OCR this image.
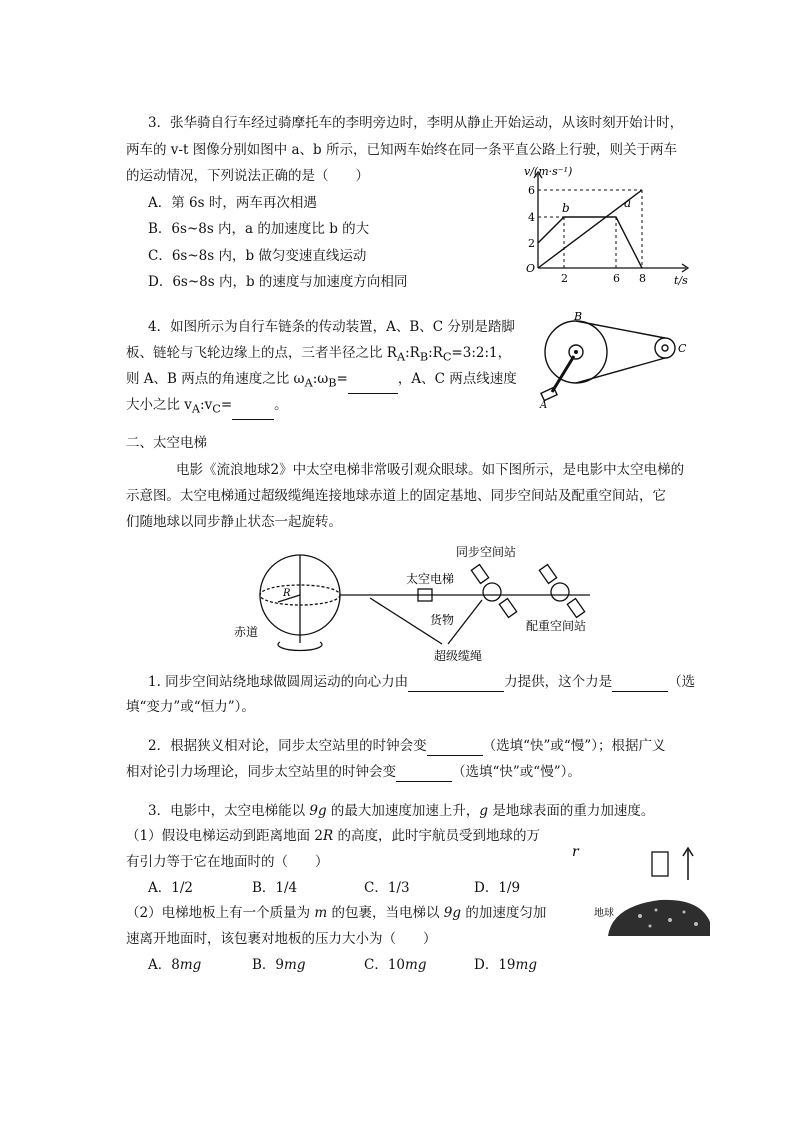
3．张华骑自行车经过骑摩托车的李明旁边时，李明从静止开始运动，从该时刻开始计时，
两车的 v-t 图像分别如图中 a、b 所示，已知两车始终在同一条平直公路上行驶，则关于两车
的运动情况，下列说法正确的是（　　）
A．第 6s 时，两车再次相遇
B．6s~8s 内，a 的加速度比 b 的大
C．6s~8s 内，b 做匀变速直线运动
D．6s~8s 内，b 的速度与加速度方向相同
v/(m·s⁻¹)
t/s
O
2
4
6
2	6 8
a
b
4．如图所示为自行车链条的传动装置，A、B、C 分别是踏脚
板、链轮与飞轮边缘上的点，三者半径之比 $R_A:R_B:R_C=3:2:1$，
则 A、B 两点的角速度之比 $\omega_A:\omega_B=$	，A、C 两点线速度
大小之比 $v_A:v_C=$	。
B
C
A
二、太空电梯
电影《流浪地球2》中太空电梯非常吸引观众眼球。如下图所示，是电影中太空电梯的
示意图。太空电梯通过超级缆绳连接地球赤道上的固定基地、同步空间站及配重空间站，它
们随地球以同步静止状态一起旋转。
同步空间站
太空电梯
R
赤道
货物	配重空间站
超级缆绳
1. 同步空间站绕地球做圆周运动的向心力由	力提供，这个力是	（选
填“变力”或“恒力”）。
2．根据狭义相对论，同步太空站里的时钟会变	（选填“快”或“慢”）；根据广义
相对论引力场理论，同步太空站里的时钟会变	（选填“快”或“慢”）。
3．电影中，太空电梯能以 9g 的最大加速度加速上升，g 是地球表面的重力加速度。
（1）假设电梯运动到距离地面 2R 的高度，此时宇航员受到地球的万
有引力等于它在地面时的（　　）
A．1/2	B．1/4	C．1/3	D．1/9
（2）电梯地板上有一个质量为 m 的包裹，当电梯以 9g 的加速度匀加
速离开地面时，该包裹对地板的压力大小为（　　）
A．8mg	B．9mg	C．10mg	D．19mg
r
地球
